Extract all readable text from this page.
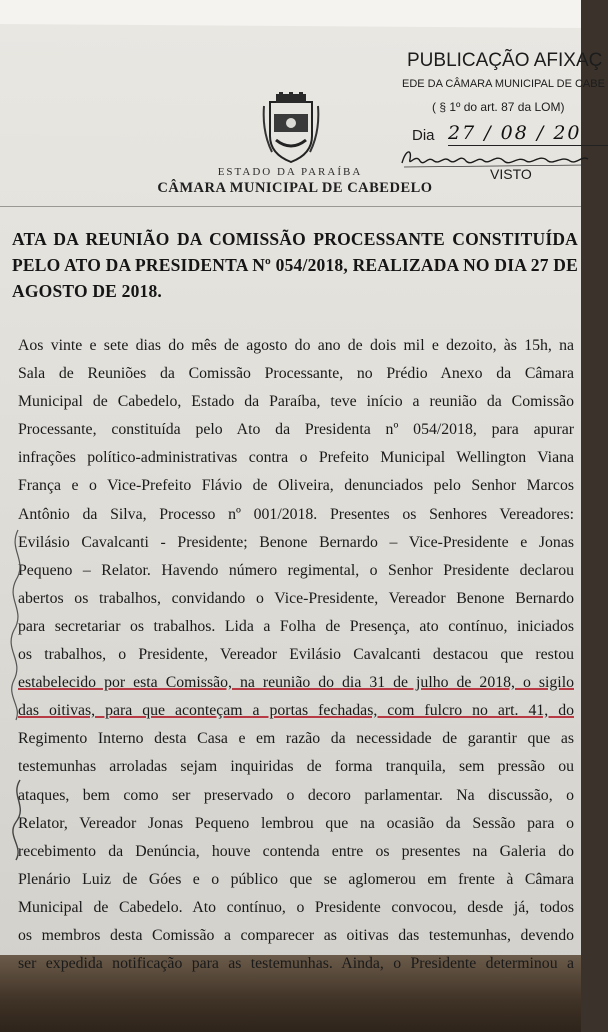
ESTADO DA PARAÍBA
CÂMARA MUNICIPAL DE CABEDELO
PUBLICAÇÃO AFIXAÇ
EDE DA CÂMARA MUNICIPAL DE CABE
( § 1º do art. 87 da LOM)
Dia 27 / 08 / 20
VISTO
ATA DA REUNIÃO DA COMISSÃO PROCESSANTE CONSTITUÍDA PELO ATO DA PRESIDENTA Nº 054/2018, REALIZADA NO DIA 27 DE AGOSTO DE 2018.
Aos vinte e sete dias do mês de agosto do ano de dois mil e dezoito, às 15h, na
Sala de Reuniões da Comissão Processante, no Prédio Anexo da Câmara
Municipal de Cabedelo, Estado da Paraíba, teve início a reunião da Comissão
Processante, constituída pelo Ato da Presidenta nº 054/2018, para apurar
infrações político-administrativas contra o Prefeito Municipal Wellington Viana
França e o Vice-Prefeito Flávio de Oliveira, denunciados pelo Senhor Marcos
Antônio da Silva, Processo nº 001/2018. Presentes os Senhores Vereadores:
Evilásio Cavalcanti - Presidente; Benone Bernardo – Vice-Presidente e Jonas
Pequeno – Relator. Havendo número regimental, o Senhor Presidente declarou
abertos os trabalhos, convidando o Vice-Presidente, Vereador Benone Bernardo
para secretariar os trabalhos. Lida a Folha de Presença, ato contínuo, iniciados
os trabalhos, o Presidente, Vereador Evilásio Cavalcanti destacou que restou
estabelecido por esta Comissão, na reunião do dia 31 de julho de 2018, o sigilo
das oitivas, para que aconteçam a portas fechadas, com fulcro no art. 41, do
Regimento Interno desta Casa e em razão da necessidade de garantir que as
testemunhas arroladas sejam inquiridas de forma tranquila, sem pressão ou
ataques, bem como ser preservado o decoro parlamentar. Na discussão, o
Relator, Vereador Jonas Pequeno lembrou que na ocasião da Sessão para o
recebimento da Denúncia, houve contenda entre os presentes na Galeria do
Plenário Luiz de Góes e o público que se aglomerou em frente à Câmara
Municipal de Cabedelo. Ato contínuo, o Presidente convocou, desde já, todos
os membros desta Comissão a comparecer as oitivas das testemunhas, devendo
ser expedida notificação para as testemunhas. Ainda, o Presidente determinou a
